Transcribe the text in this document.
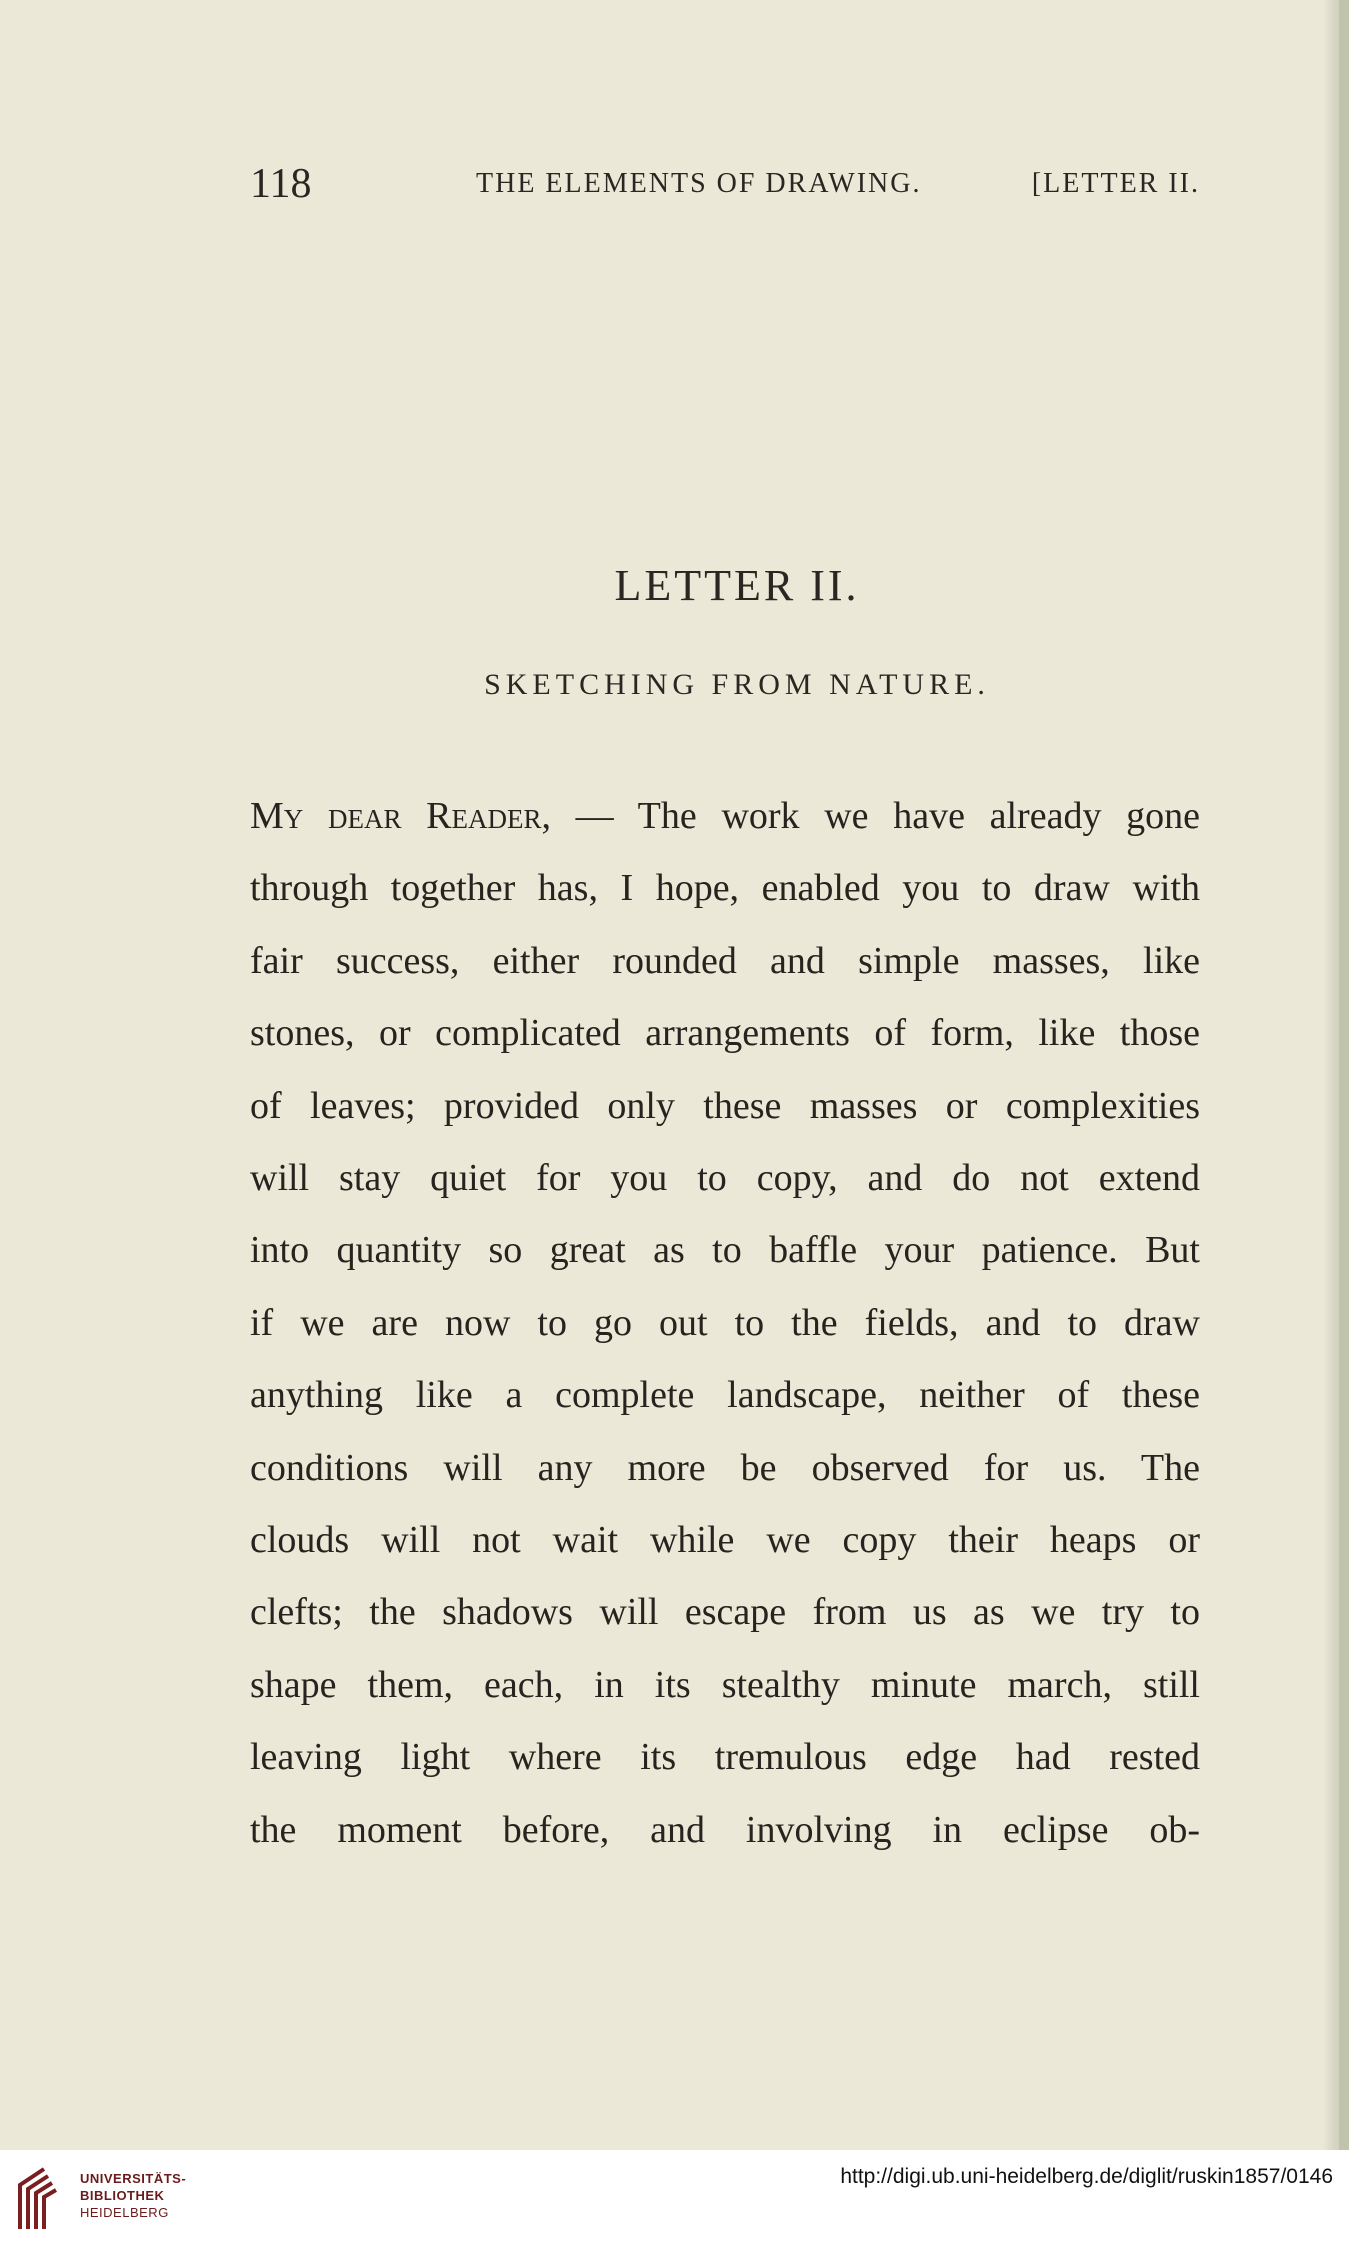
118	THE ELEMENTS OF DRAWING.	[LETTER II.
LETTER II.
SKETCHING FROM NATURE.
My dear Reader, — The work we have already gone
through together has, I hope, enabled you to draw with
fair success, either rounded and simple masses, like
stones, or complicated arrangements of form, like those
of leaves; provided only these masses or complexities
will stay quiet for you to copy, and do not extend
into quantity so great as to baffle your patience. But
if we are now to go out to the fields, and to draw
anything like a complete landscape, neither of these
conditions will any more be observed for us. The
clouds will not wait while we copy their heaps or
clefts; the shadows will escape from us as we try to
shape them, each, in its stealthy minute march, still
leaving light where its tremulous edge had rested
the moment before, and involving in eclipse ob-
UNIVERSITÄTS-
BIBLIOTHEK
HEIDELBERG
http://digi.ub.uni-heidelberg.de/diglit/ruskin1857/0146
